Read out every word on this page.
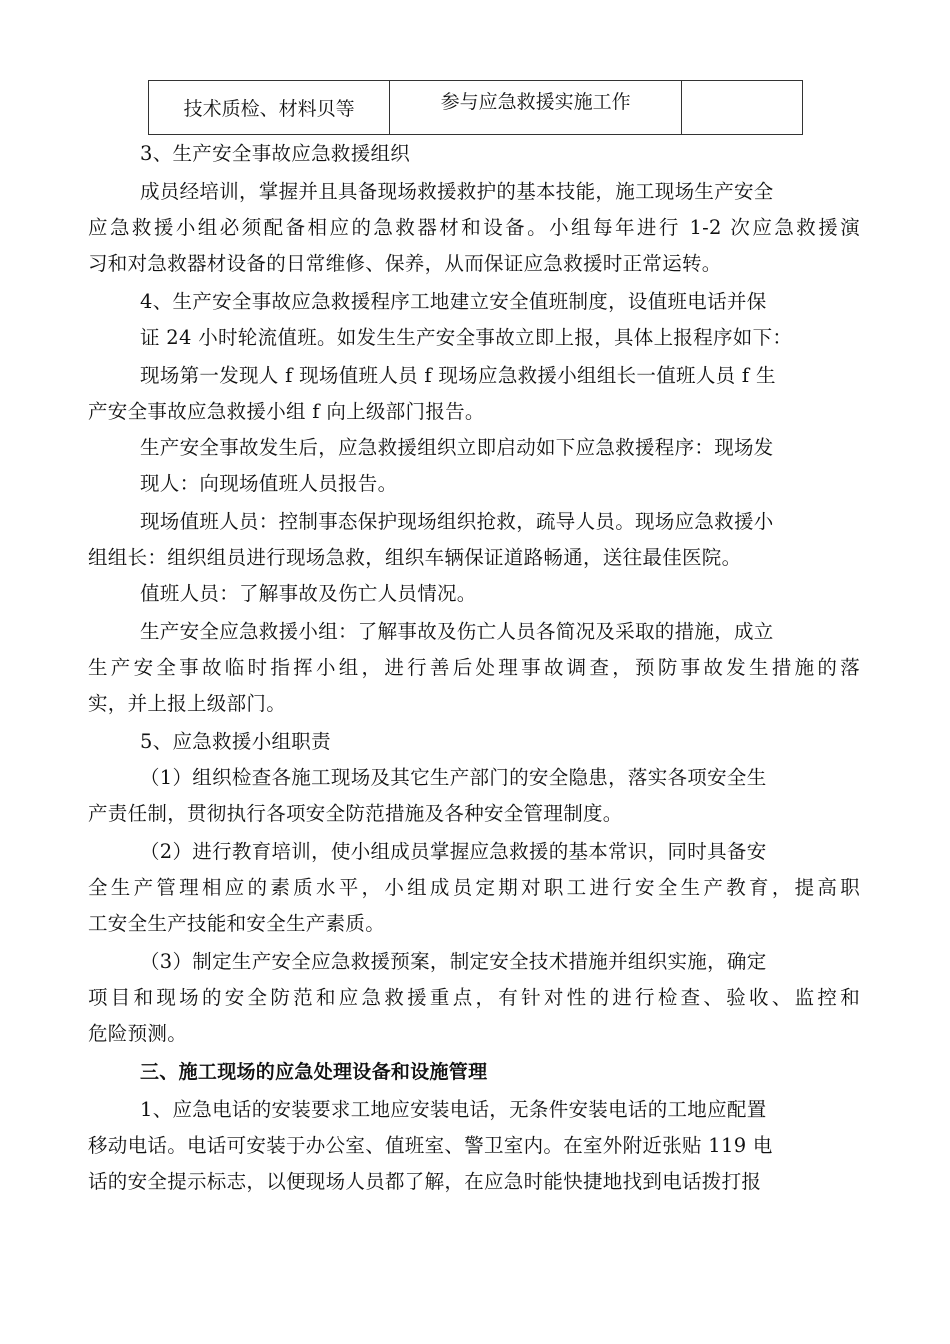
技术质检、材料贝等	参与应急救援实施工作	
3、生产安全事故应急救援组织
成员经培训，掌握并且具备现场救援救护的基本技能，施工现场生产安全
应急救援小组必须配备相应的急救器材和设备。小组每年进行 1-2 次应急救援演
习和对急救器材设备的日常维修、保养，从而保证应急救援时正常运转。
4、生产安全事故应急救援程序工地建立安全值班制度，设值班电话并保
证 24 小时轮流值班。如发生生产安全事故立即上报，具体上报程序如下：
现场第一发现人 f 现场值班人员 f 现场应急救援小组组长一值班人员 f 生
产安全事故应急救援小组 f 向上级部门报告。
生产安全事故发生后，应急救援组织立即启动如下应急救援程序：现场发
现人：向现场值班人员报告。
现场值班人员：控制事态保护现场组织抢救，疏导人员。现场应急救援小
组组长：组织组员进行现场急救，组织车辆保证道路畅通，送往最佳医院。
值班人员：了解事故及伤亡人员情况。
生产安全应急救援小组：了解事故及伤亡人员各简况及采取的措施，成立
生产安全事故临时指挥小组，进行善后处理事故调查，预防事故发生措施的落
实，并上报上级部门。
5、应急救援小组职责
（1）组织检查各施工现场及其它生产部门的安全隐患，落实各项安全生
产责任制，贯彻执行各项安全防范措施及各种安全管理制度。
（2）进行教育培训，使小组成员掌握应急救援的基本常识，同时具备安
全生产管理相应的素质水平，小组成员定期对职工进行安全生产教育，提高职
工安全生产技能和安全生产素质。
（3）制定生产安全应急救援预案，制定安全技术措施并组织实施，确定
项目和现场的安全防范和应急救援重点，有针对性的进行检查、验收、监控和
危险预测。
三、施工现场的应急处理设备和设施管理
1、应急电话的安装要求工地应安装电话，无条件安装电话的工地应配置
移动电话。电话可安装于办公室、值班室、警卫室内。在室外附近张贴 119 电
话的安全提示标志，以便现场人员都了解，在应急时能快捷地找到电话拨打报
